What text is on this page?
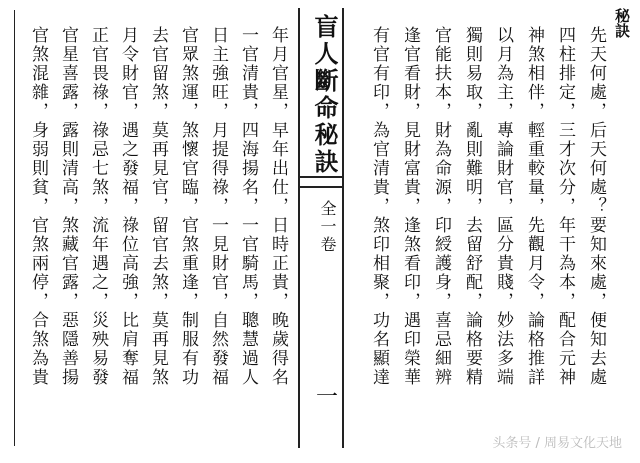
秘訣
先天何處，后天何處？要知來處，便知去處
四柱排定，三才次分，年干為本，配合元神
神煞相伴，輕重較量，先觀月令，論格推詳
以月為主，專論財官，區分貴賤，妙法多端
獨則易取，亂則難明，去留舒配，論格要精
官能扶本，財為命源，印綬護身，喜忌細辨
逢官看財，見財富貴，逢煞看印，遇印榮華
有官有印，為官清貴，煞印相聚，功名顯達
盲人斷命秘訣
全一卷
一
年月官星，早年出仕，日時正貴，晚歲得名
一官清貴，四海揚名，一官騎馬，聰慧過人
日主強旺，月提得祿，一見財官，自然發福
官眾煞運，煞懷官臨，官煞重逢，制服有功
去官留煞，莫再見官，留官去煞，莫再見煞
月令財官，遇之發福，祿位高強，比肩奪福
正官畏祿，祿忌七煞，流年遇之，災殃易發
官星喜露，露則清高，煞藏官露，惡隱善揚
官煞混雜，身弱則貧，官煞兩停，合煞為貴
头条号 / 周易文化天地
